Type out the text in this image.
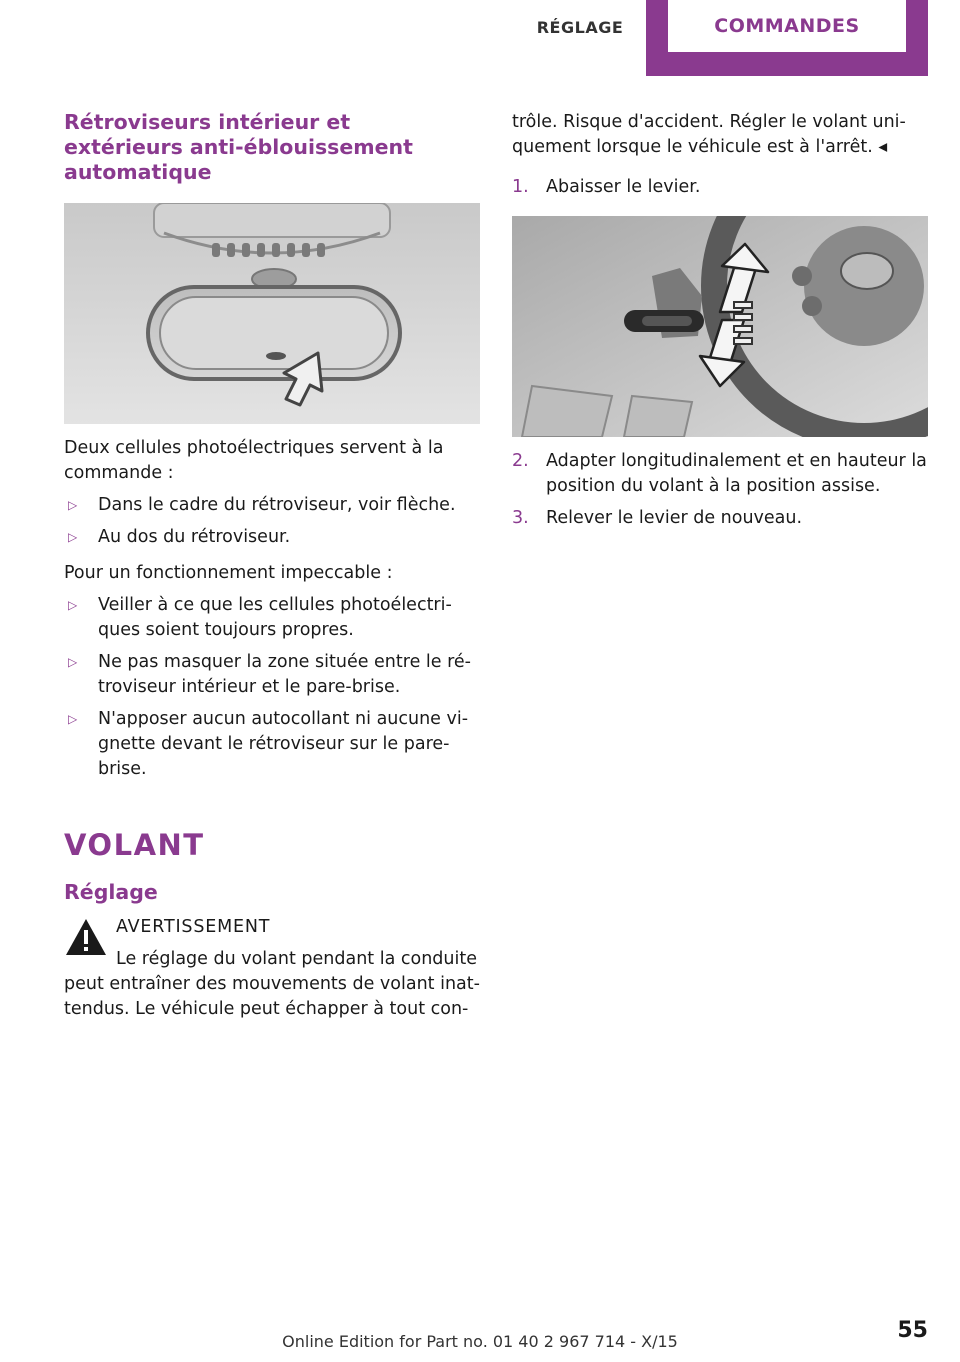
RÉGLAGE	COMMANDES
Rétroviseurs intérieur et extérieurs anti-éblouissement automatique

Deux cellules photoélectriques servent à la commande :

▷ Dans le cadre du rétroviseur, voir flèche.
▷ Au dos du rétroviseur.

Pour un fonctionnement impeccable :

▷ Veiller à ce que les cellules photoélectriques soient toujours propres.
▷ Ne pas masquer la zone située entre le rétroviseur intérieur et le pare-brise.
▷ N'apposer aucun autocollant ni aucune vignette devant le rétroviseur sur le pare-brise.
VOLANT
Réglage
AVERTISSEMENT

Le réglage du volant pendant la conduite peut entraîner des mouvements de volant inattendus. Le véhicule peut échapper à tout con-

trôle. Risque d'accident. Régler le volant uniquement lorsque le véhicule est à l'arrêt. ◂

1. Abaisser le levier.
2. Adapter longitudinalement et en hauteur la position du volant à la position assise.
3. Relever le levier de nouveau.
Online Edition for Part no. 01 40 2 967 714 - X/15	55
